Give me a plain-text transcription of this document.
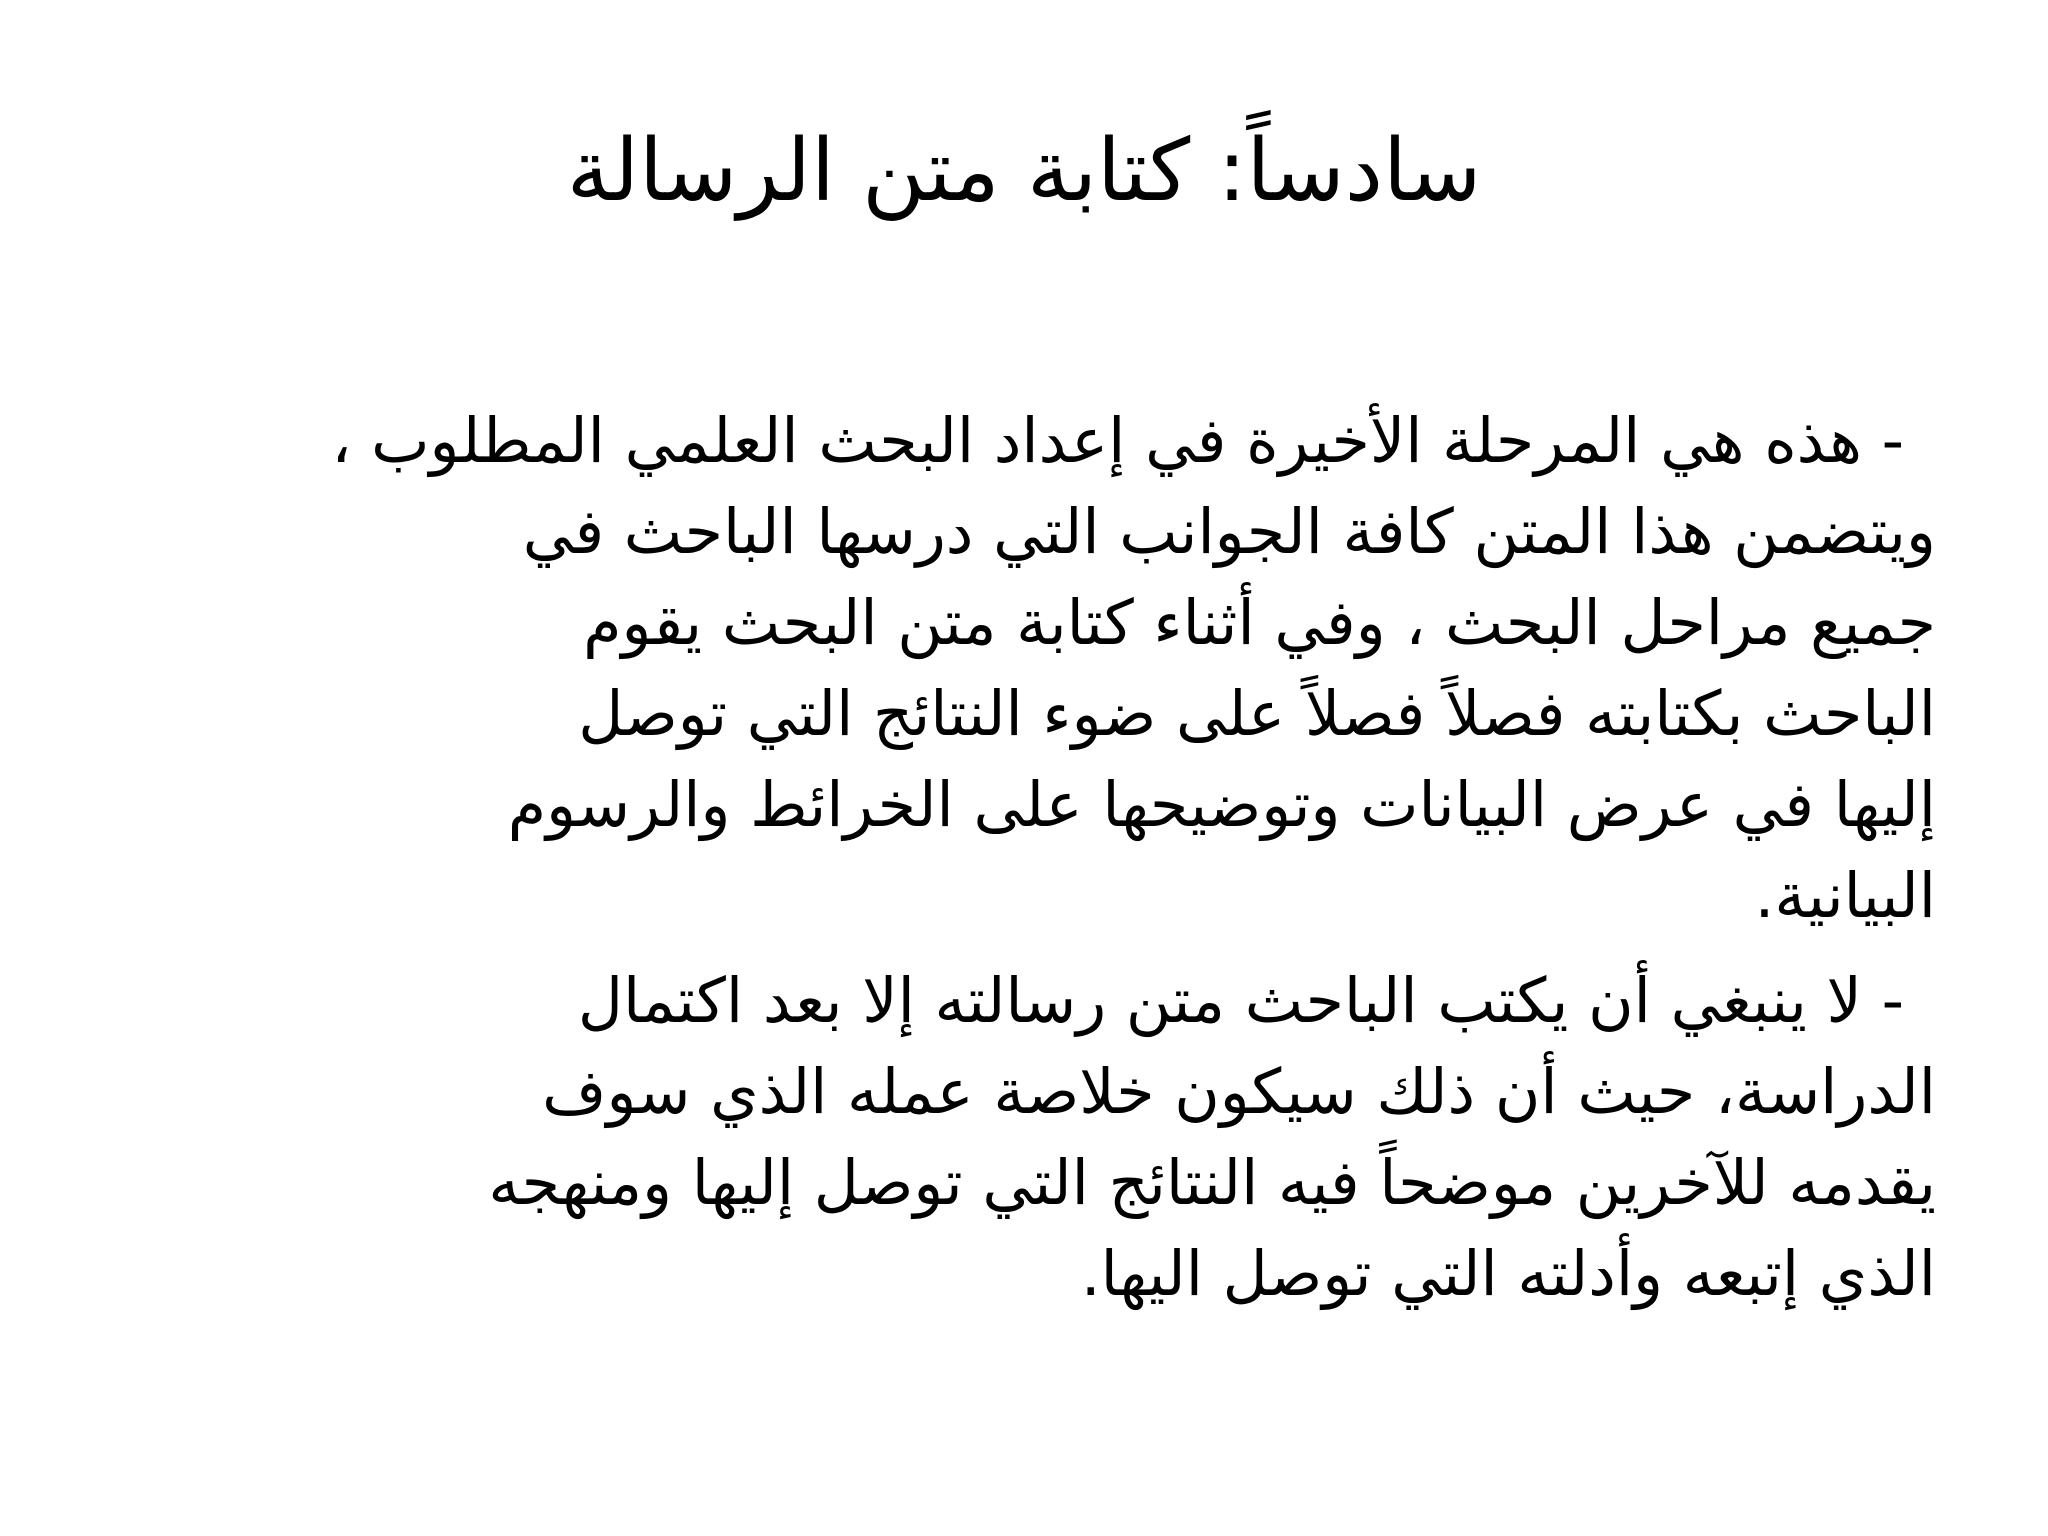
سادساً: كتابة متن الرسالة

- هذه هي المرحلة الأخيرة في إعداد البحث العلمي المطلوب ،
ويتضمن هذا المتن كافة الجوانب التي درسها الباحث في
جميع مراحل البحث ، وفي أثناء كتابة متن البحث يقوم
الباحث بكتابته فصلاً فصلاً على ضوء النتائج التي توصل
إليها في عرض البيانات وتوضيحها على الخرائط والرسوم
البيانية.

- لا ينبغي أن يكتب الباحث متن رسالته إلا بعد اكتمال
الدراسة، حيث أن ذلك سيكون خلاصة عمله الذي سوف
يقدمه للآخرين موضحاً فيه النتائج التي توصل إليها ومنهجه
الذي إتبعه وأدلته التي توصل اليها.
